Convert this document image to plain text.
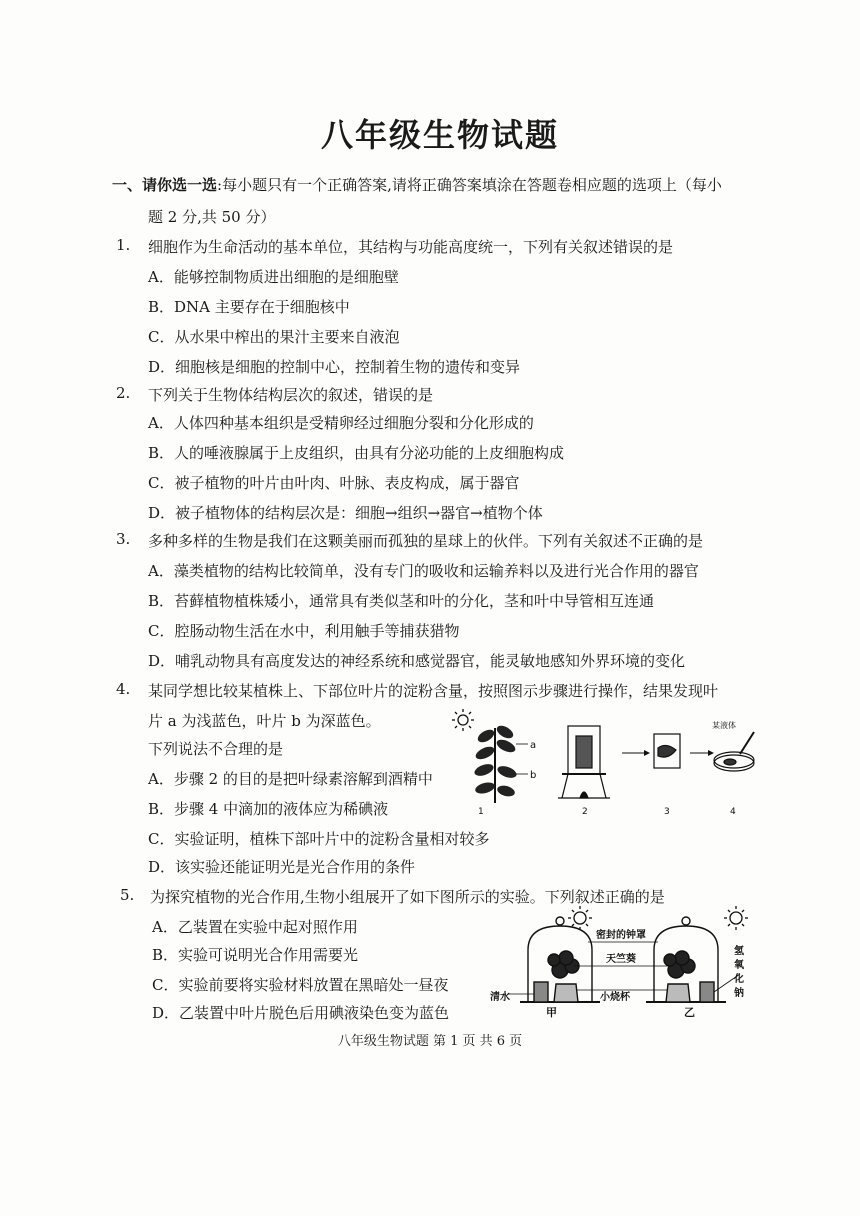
八年级生物试题
一、请你选一选:每小题只有一个正确答案,请将正确答案填涂在答题卷相应题的选项上（每小
题 2 分,共 50 分）
1. 细胞作为生命活动的基本单位，其结构与功能高度统一，下列有关叙述错误的是
A．能够控制物质进出细胞的是细胞壁
B．DNA 主要存在于细胞核中
C．从水果中榨出的果汁主要来自液泡
D．细胞核是细胞的控制中心，控制着生物的遗传和变异
2. 下列关于生物体结构层次的叙述，错误的是
A．人体四种基本组织是受精卵经过细胞分裂和分化形成的
B．人的唾液腺属于上皮组织，由具有分泌功能的上皮细胞构成
C．被子植物的叶片由叶肉、叶脉、表皮构成，属于器官
D．被子植物体的结构层次是：细胞→组织→器官→植物个体
3. 多种多样的生物是我们在这颗美丽而孤独的星球上的伙伴。下列有关叙述不正确的是
A．藻类植物的结构比较简单，没有专门的吸收和运输养料以及进行光合作用的器官
B．苔藓植物植株矮小，通常具有类似茎和叶的分化，茎和叶中导管相互连通
C．腔肠动物生活在水中，利用触手等捕获猎物
D．哺乳动物具有高度发达的神经系统和感觉器官，能灵敏地感知外界环境的变化
4. 某同学想比较某植株上、下部位叶片的淀粉含量，按照图示步骤进行操作，结果发现叶
片 a 为浅蓝色，叶片 b 为深蓝色。
下列说法不合理的是
A．步骤 2 的目的是把叶绿素溶解到酒精中
B．步骤 4 中滴加的液体应为稀碘液
C．实验证明，植株下部叶片中的淀粉含量相对较多
D．该实验还能证明光是光合作用的条件
a
b
某液体
1	2	3	4
5. 为探究植物的光合作用,生物小组展开了如下图所示的实验。下列叙述正确的是
A．乙装置在实验中起对照作用
B．实验可说明光合作用需要光
C．实验前要将实验材料放置在黑暗处一昼夜
D．乙装置中叶片脱色后用碘液染色变为蓝色
密封的钟罩
天竺葵
小烧杯
清水
甲	乙
氢
氧
化
钠
八年级生物试题 第 1 页 共 6 页
